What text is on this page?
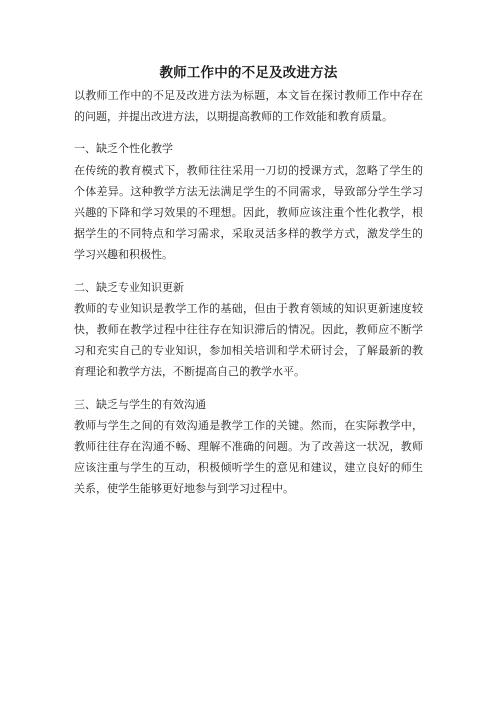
教师工作中的不足及改进方法

以教师工作中的不足及改进方法为标题，本文旨在探讨教师工作中存在的问题，并提出改进方法，以期提高教师的工作效能和教育质量。

一、缺乏个性化教学

在传统的教育模式下，教师往往采用一刀切的授课方式，忽略了学生的个体差异。这种教学方法无法满足学生的不同需求，导致部分学生学习兴趣的下降和学习效果的不理想。因此，教师应该注重个性化教学，根据学生的不同特点和学习需求，采取灵活多样的教学方式，激发学生的学习兴趣和积极性。

二、缺乏专业知识更新

教师的专业知识是教学工作的基础，但由于教育领域的知识更新速度较快，教师在教学过程中往往存在知识滞后的情况。因此，教师应不断学习和充实自己的专业知识，参加相关培训和学术研讨会，了解最新的教育理论和教学方法，不断提高自己的教学水平。

三、缺乏与学生的有效沟通

教师与学生之间的有效沟通是教学工作的关键。然而，在实际教学中，教师往往存在沟通不畅、理解不准确的问题。为了改善这一状况，教师应该注重与学生的互动，积极倾听学生的意见和建议，建立良好的师生关系，使学生能够更好地参与到学习过程中。
